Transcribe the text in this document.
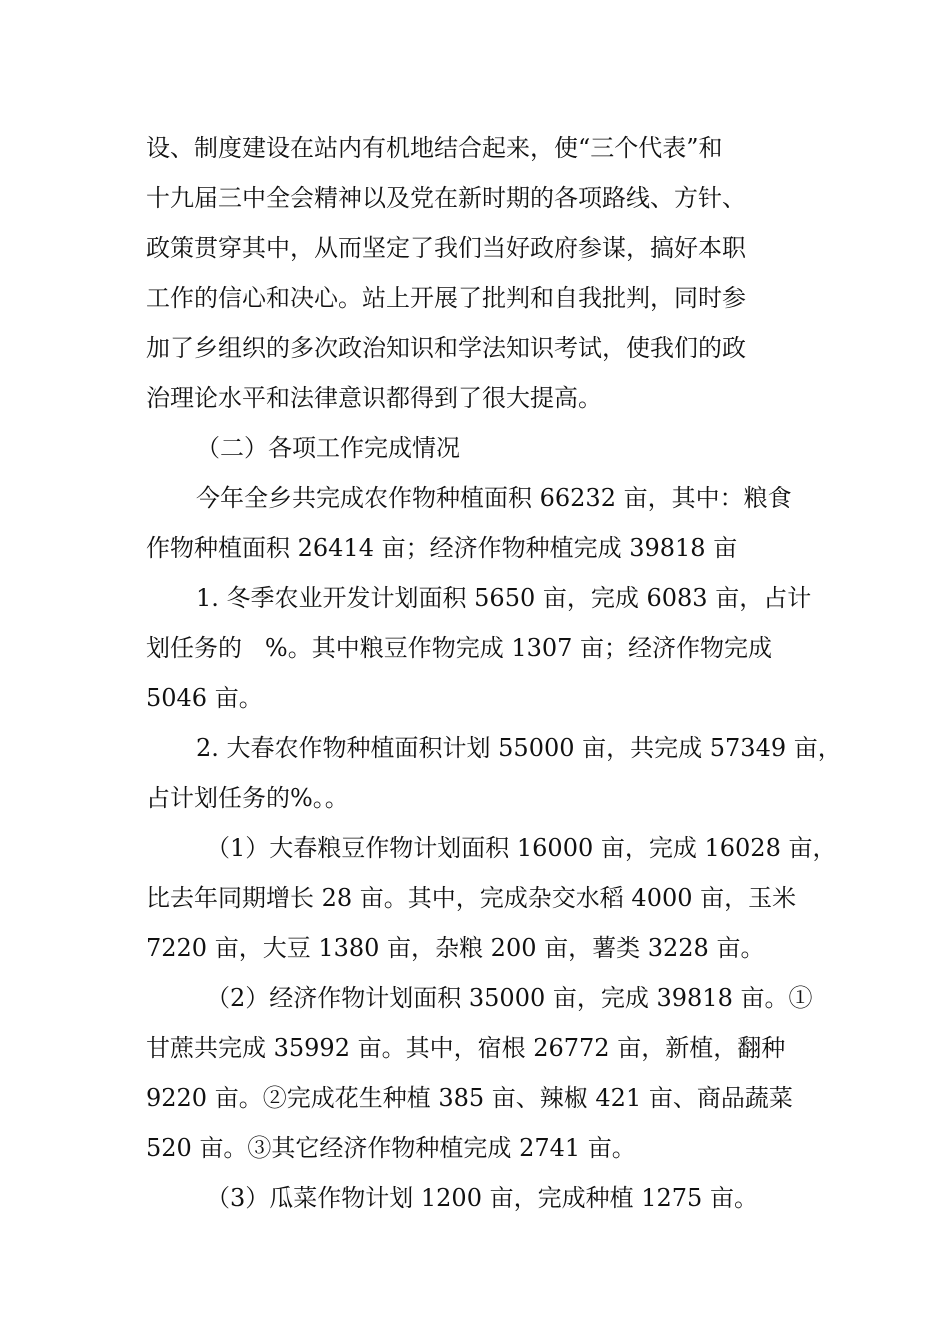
设、制度建设在站内有机地结合起来，使“三个代表”和
十九届三中全会精神以及党在新时期的各项路线、方针、
政策贯穿其中，从而坚定了我们当好政府参谋，搞好本职
工作的信心和决心。站上开展了批判和自我批判，同时参
加了乡组织的多次政治知识和学法知识考试，使我们的政
治理论水平和法律意识都得到了很大提高。
（二）各项工作完成情况
今年全乡共完成农作物种植面积 66232 亩，其中：粮食
作物种植面积 26414 亩；经济作物种植完成 39818 亩
1. 冬季农业开发计划面积 5650 亩，完成 6083 亩，占计
划任务的   %。其中粮豆作物完成 1307 亩；经济作物完成
5046 亩。
2. 大春农作物种植面积计划 55000 亩，共完成 57349 亩，
占计划任务的%。。
（1）大春粮豆作物计划面积 16000 亩，完成 16028 亩，
比去年同期增长 28 亩。其中，完成杂交水稻 4000 亩，玉米
7220 亩，大豆 1380 亩，杂粮 200 亩，薯类 3228 亩。
（2）经济作物计划面积 35000 亩，完成 39818 亩。①
甘蔗共完成 35992 亩。其中，宿根 26772 亩，新植，翻种
9220 亩。②完成花生种植 385 亩、辣椒 421 亩、商品蔬菜
520 亩。③其它经济作物种植完成 2741 亩。
（3）瓜菜作物计划 1200 亩，完成种植 1275 亩。
